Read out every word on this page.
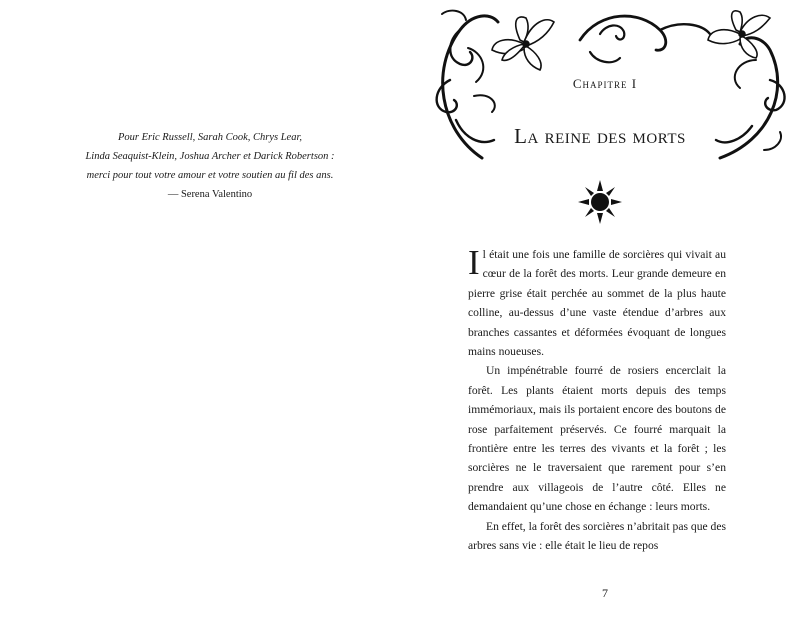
Pour Eric Russell, Sarah Cook, Chrys Lear,
Linda Seaquist-Klein, Joshua Archer et Darick Robertson :
merci pour tout votre amour et votre soutien au fil des ans.
— Serena Valentino
Chapitre I
La reine des morts

Il était une fois une famille de sorcières qui vivait au cœur de la forêt des morts. Leur grande demeure en pierre grise était perchée au sommet de la plus haute colline, au-dessus d’une vaste étendue d’arbres aux branches cassantes et déformées évoquant de longues mains noueuses.

Un impénétrable fourré de rosiers encerclait la forêt. Les plants étaient morts depuis des temps immémoriaux, mais ils portaient encore des boutons de rose parfaitement préservés. Ce fourré marquait la frontière entre les terres des vivants et la forêt ; les sorcières ne le traversaient que rarement pour s’en prendre aux villageois de l’autre côté. Elles ne demandaient qu’une chose en échange : leurs morts.

En effet, la forêt des sorcières n’abritait pas que des arbres sans vie : elle était le lieu de repos

7
